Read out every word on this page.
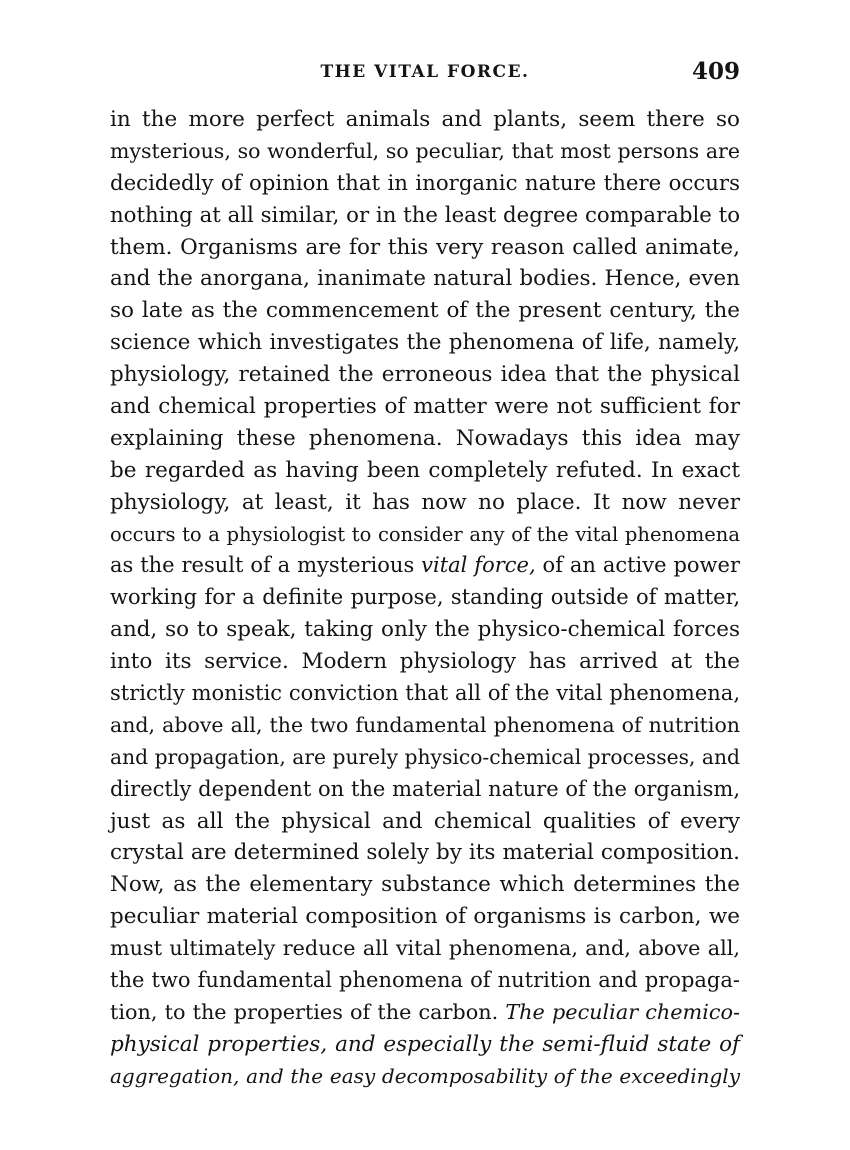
THE VITAL FORCE.	409
in the more perfect animals and plants, seem there so
mysterious, so wonderful, so peculiar, that most persons are
decidedly of opinion that in inorganic nature there occurs
nothing at all similar, or in the least degree comparable to
them. Organisms are for this very reason called animate,
and the anorgana, inanimate natural bodies. Hence, even
so late as the commencement of the present century, the
science which investigates the phenomena of life, namely,
physiology, retained the erroneous idea that the physical
and chemical properties of matter were not sufficient for
explaining these phenomena. Nowadays this idea may
be regarded as having been completely refuted. In exact
physiology, at least, it has now no place. It now never
occurs to a physiologist to consider any of the vital phenomena
as the result of a mysterious vital force, of an active power
working for a definite purpose, standing outside of matter,
and, so to speak, taking only the physico-chemical forces
into its service. Modern physiology has arrived at the
strictly monistic conviction that all of the vital phenomena,
and, above all, the two fundamental phenomena of nutrition
and propagation, are purely physico-chemical processes, and
directly dependent on the material nature of the organism,
just as all the physical and chemical qualities of every
crystal are determined solely by its material composition.
Now, as the elementary substance which determines the
peculiar material composition of organisms is carbon, we
must ultimately reduce all vital phenomena, and, above all,
the two fundamental phenomena of nutrition and propaga-
tion, to the properties of the carbon. The peculiar chemico-
physical properties, and especially the semi-fluid state of
aggregation, and the easy decomposability of the exceedingly
